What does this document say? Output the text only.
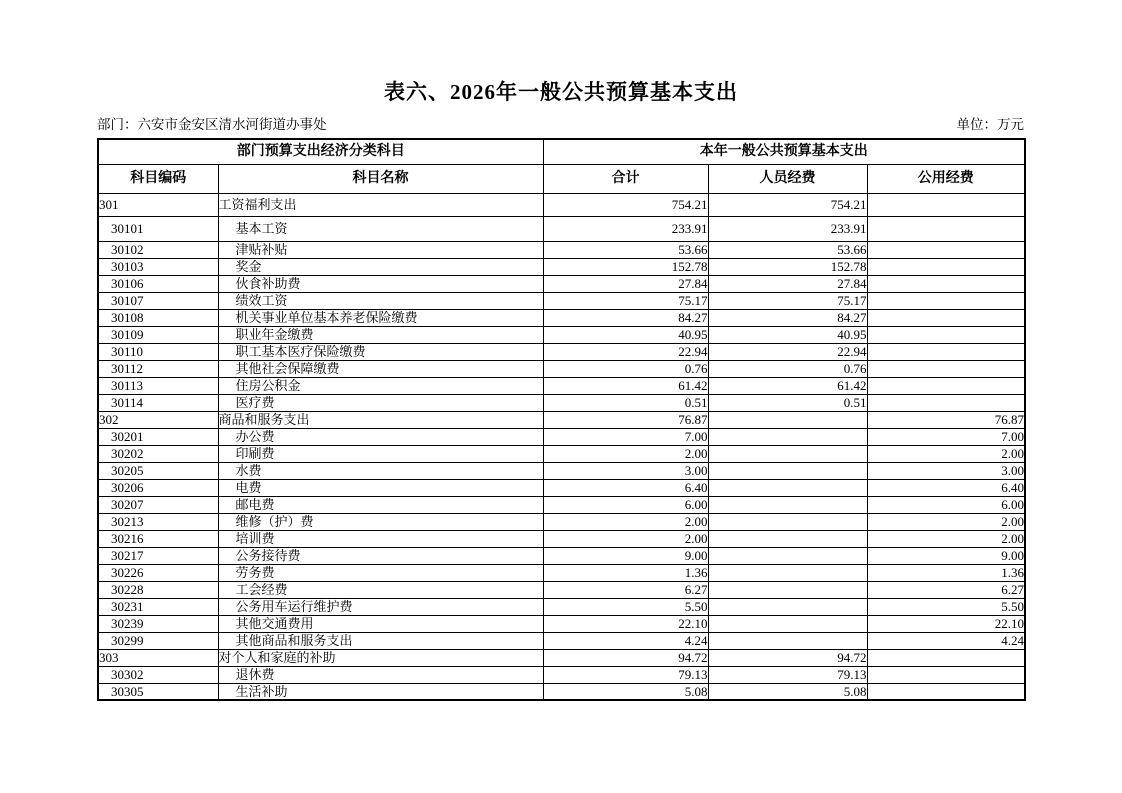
表六、2026年一般公共预算基本支出
部门：六安市金安区清水河街道办事处	单位：万元
部门预算支出经济分类科目		本年一般公共预算基本支出		
科目编码	科目名称	合计	人员经费	公用经费
301	工资福利支出	754.21	754.21	
30101	基本工资	233.91	233.91	
30102	津贴补贴	53.66	53.66	
30103	奖金	152.78	152.78	
30106	伙食补助费	27.84	27.84	
30107	绩效工资	75.17	75.17	
30108	机关事业单位基本养老保险缴费	84.27	84.27	
30109	职业年金缴费	40.95	40.95	
30110	职工基本医疗保险缴费	22.94	22.94	
30112	其他社会保障缴费	0.76	0.76	
30113	住房公积金	61.42	61.42	
30114	医疗费	0.51	0.51	
302	商品和服务支出	76.87		76.87
30201	办公费	7.00		7.00
30202	印刷费	2.00		2.00
30205	水费	3.00		3.00
30206	电费	6.40		6.40
30207	邮电费	6.00		6.00
30213	维修（护）费	2.00		2.00
30216	培训费	2.00		2.00
30217	公务接待费	9.00		9.00
30226	劳务费	1.36		1.36
30228	工会经费	6.27		6.27
30231	公务用车运行维护费	5.50		5.50
30239	其他交通费用	22.10		22.10
30299	其他商品和服务支出	4.24		4.24
303	对个人和家庭的补助	94.72	94.72	
30302	退休费	79.13	79.13	
30305	生活补助	5.08	5.08	
